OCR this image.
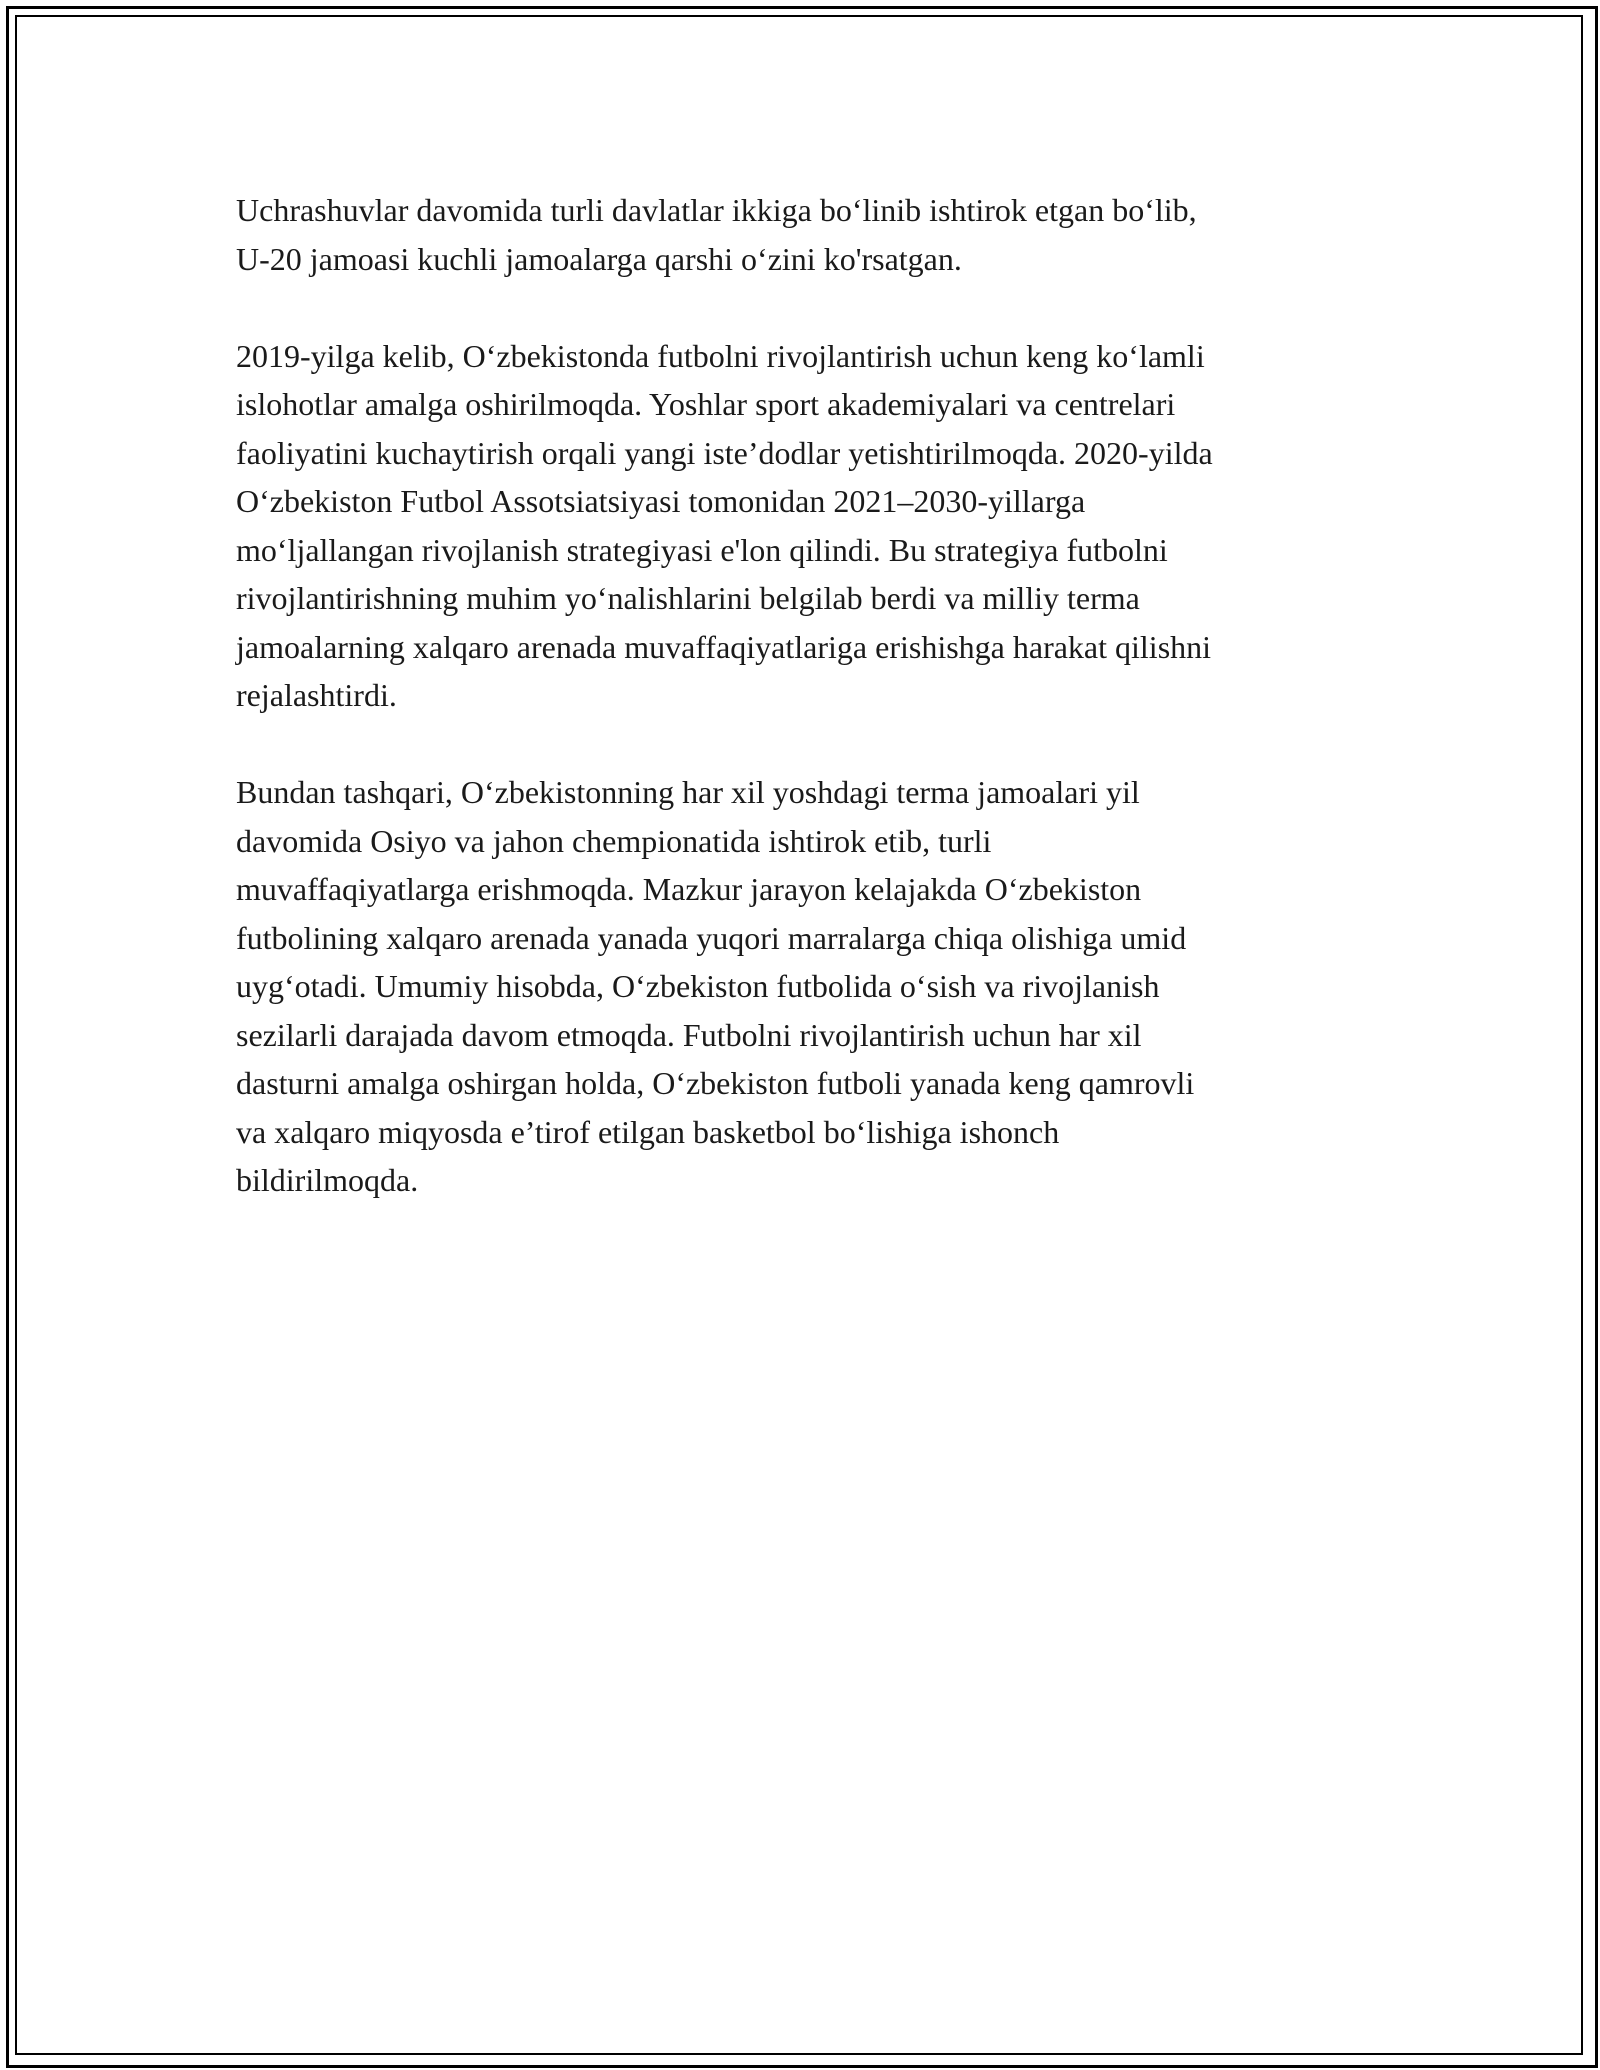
Uchrashuvlar davomida turli davlatlar ikkiga bo‘linib ishtirok etgan bo‘lib,
U-20 jamoasi kuchli jamoalarga qarshi o‘zini ko'rsatgan.

2019-yilga kelib, O‘zbekistonda futbolni rivojlantirish uchun keng ko‘lamli
islohotlar amalga oshirilmoqda. Yoshlar sport akademiyalari va centrelari
faoliyatini kuchaytirish orqali yangi iste’dodlar yetishtirilmoqda. 2020-yilda
O‘zbekiston Futbol Assotsiatsiyasi tomonidan 2021–2030-yillarga
mo‘ljallangan rivojlanish strategiyasi e'lon qilindi. Bu strategiya futbolni
rivojlantirishning muhim yo‘nalishlarini belgilab berdi va milliy terma
jamoalarning xalqaro arenada muvaffaqiyatlariga erishishga harakat qilishni
rejalashtirdi.

Bundan tashqari, O‘zbekistonning har xil yoshdagi terma jamoalari yil
davomida Osiyo va jahon chempionatida ishtirok etib, turli
muvaffaqiyatlarga erishmoqda. Mazkur jarayon kelajakda O‘zbekiston
futbolining xalqaro arenada yanada yuqori marralarga chiqa olishiga umid
uyg‘otadi. Umumiy hisobda, O‘zbekiston futbolida o‘sish va rivojlanish
sezilarli darajada davom etmoqda. Futbolni rivojlantirish uchun har xil
dasturni amalga oshirgan holda, O‘zbekiston futboli yanada keng qamrovli
va xalqaro miqyosda e’tirof etilgan basketbol bo‘lishiga ishonch
bildirilmoqda.
